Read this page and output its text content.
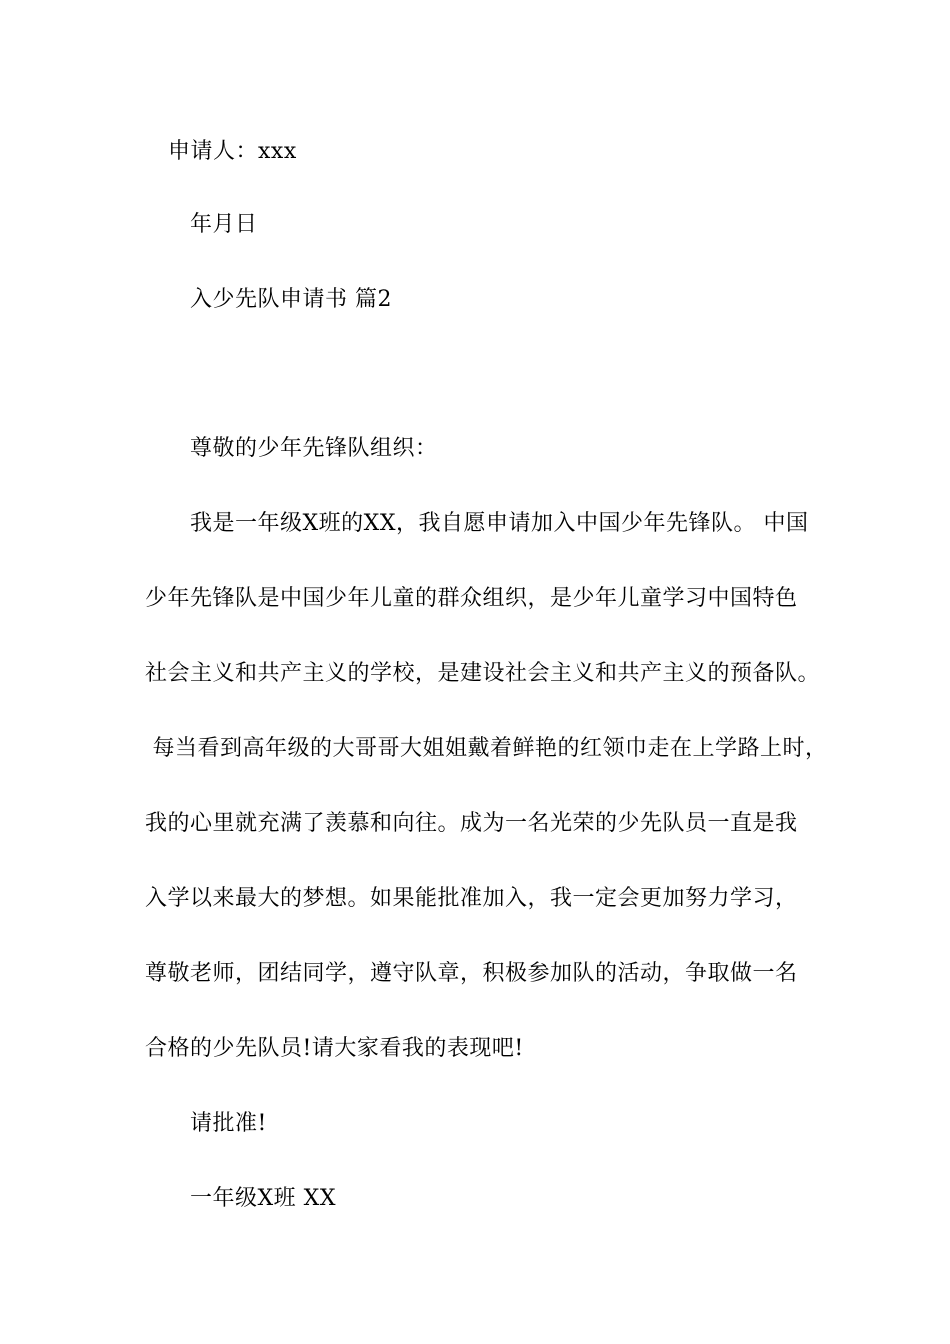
申请人：xxx
年月日
入少先队申请书 篇2
尊敬的少年先锋队组织：
我是一年级X班的XX，我自愿申请加入中国少年先锋队。 中国
少年先锋队是中国少年儿童的群众组织，是少年儿童学习中国特色
社会主义和共产主义的学校，是建设社会主义和共产主义的预备队。
每当看到高年级的大哥哥大姐姐戴着鲜艳的红领巾走在上学路上时，
我的心里就充满了羡慕和向往。成为一名光荣的少先队员一直是我
入学以来最大的梦想。如果能批准加入，我一定会更加努力学习，
尊敬老师，团结同学，遵守队章，积极参加队的活动，争取做一名
合格的少先队员!请大家看我的表现吧!
请批准!
一年级X班 XX
